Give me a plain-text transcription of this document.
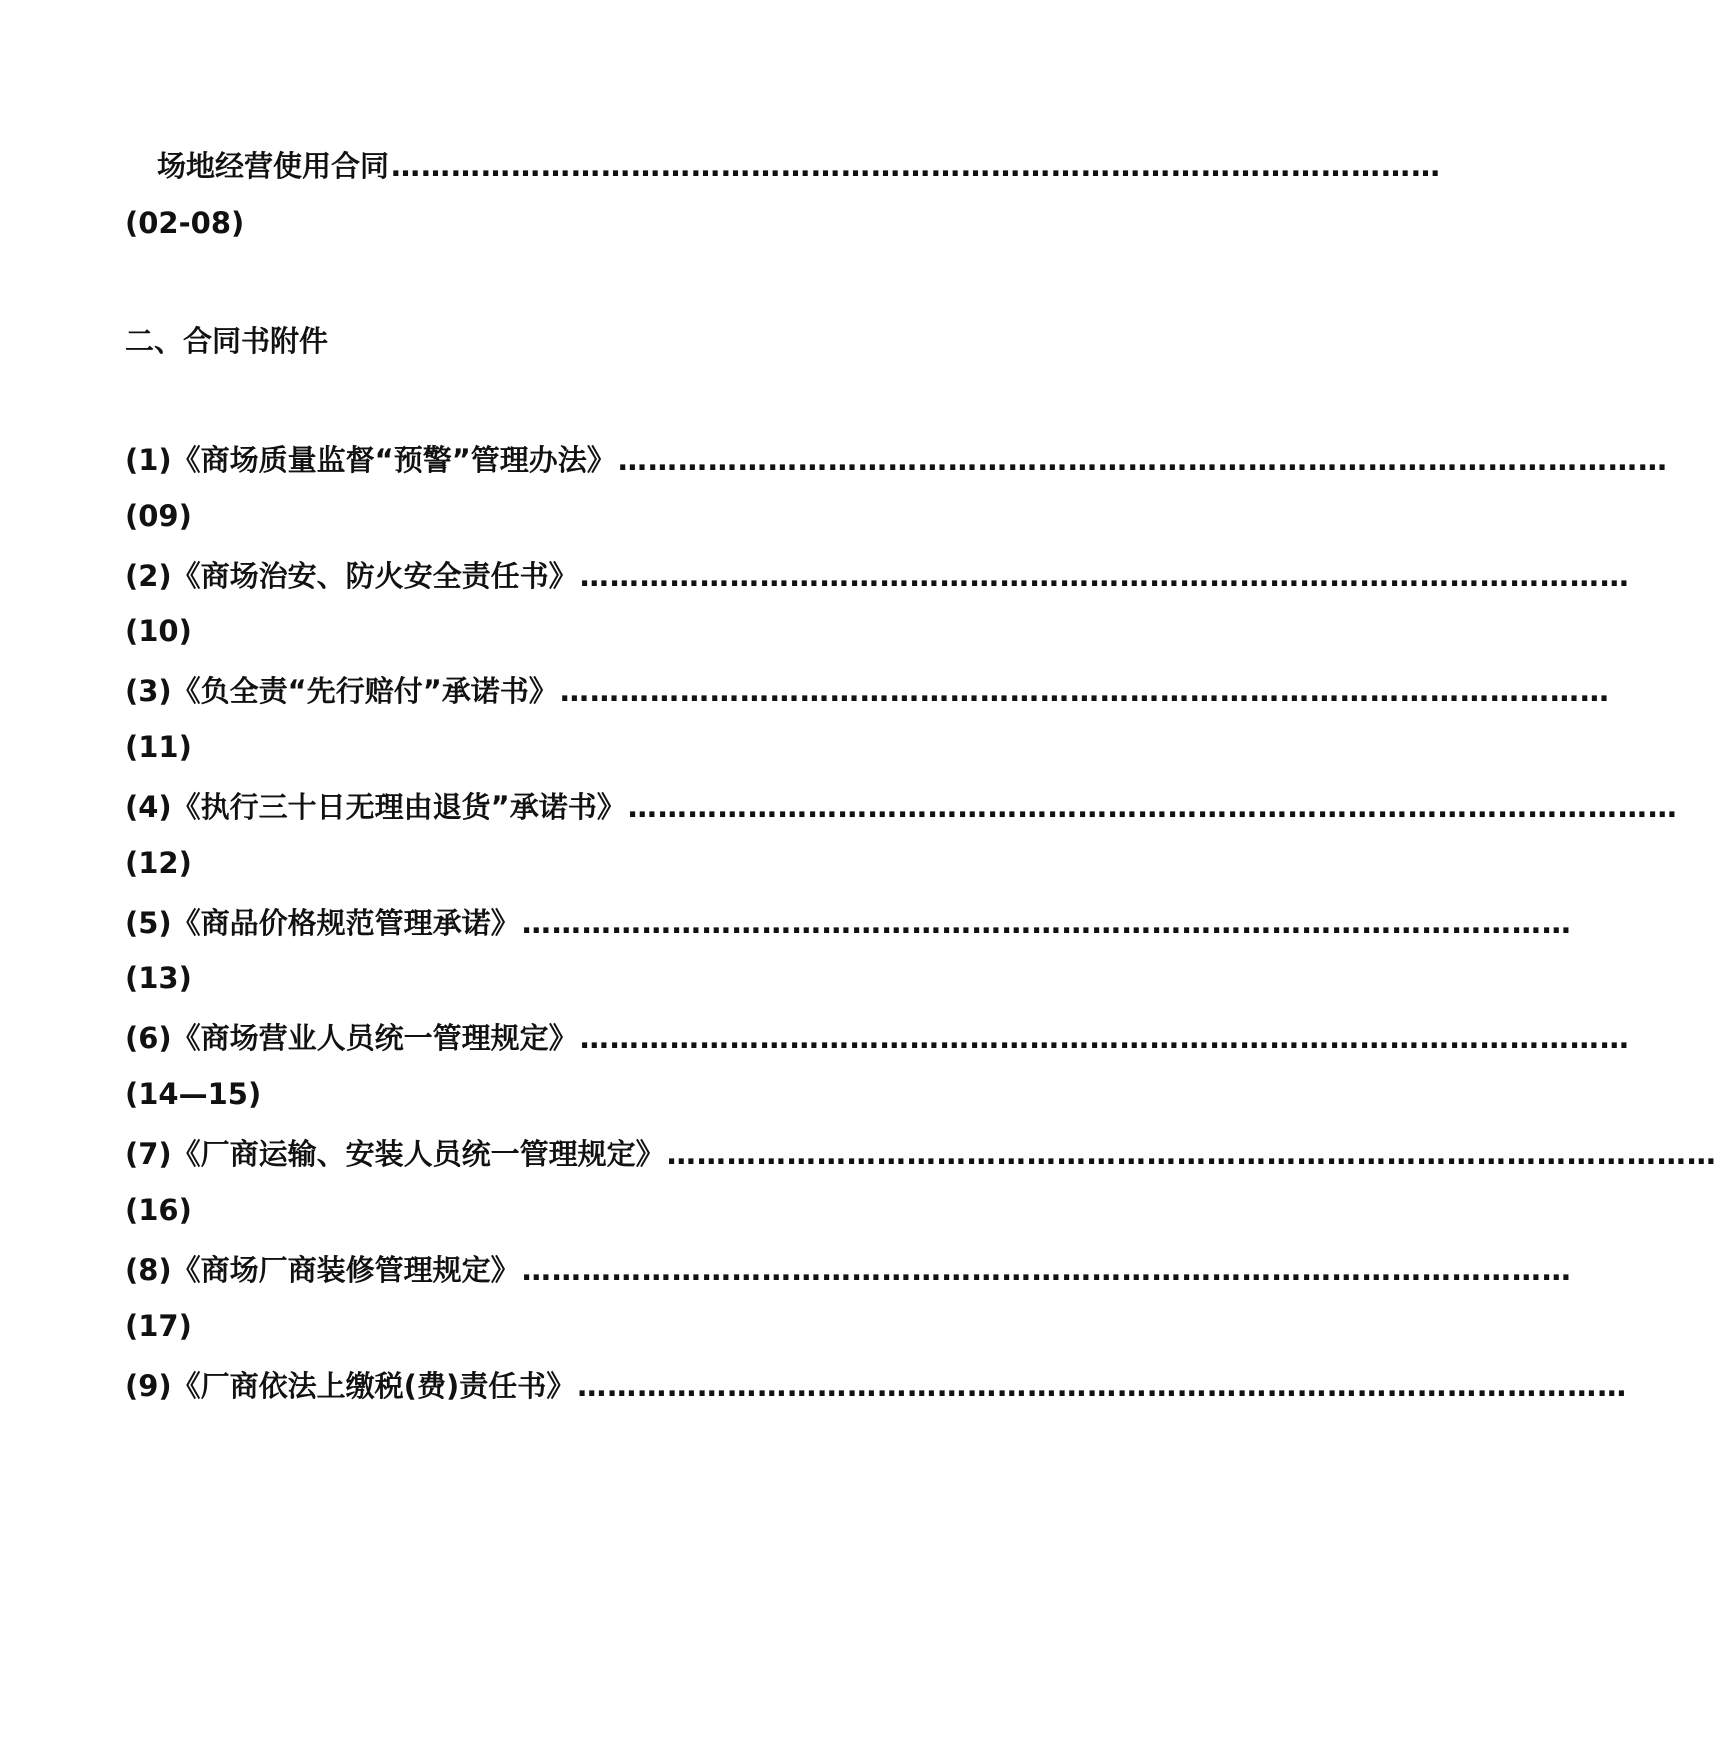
场地经营使用合同 ……………………………………………………………………………………………
(02-08)
二、合同书附件
(1)《商场质量监督“预警”管理办法》 ……………………………………………………………………………………………
(09)
(2)《商场治安、防火安全责任书》 ……………………………………………………………………………………………
(10)
(3)《负全责“先行赔付”承诺书》 ……………………………………………………………………………………………
(11)
(4)《执行三十日无理由退货”承诺书》 ……………………………………………………………………………………………
(12)
(5)《商品价格规范管理承诺》 ……………………………………………………………………………………………
(13)
(6)《商场营业人员统一管理规定》 ……………………………………………………………………………………………
(14—15)
(7)《厂商运输、安装人员统一管理规定》 ……………………………………………………………………………………………
(16)
(8)《商场厂商装修管理规定》 ……………………………………………………………………………………………
(17)
(9)《厂商依法上缴税(费)责任书》 ……………………………………………………………………………………………
